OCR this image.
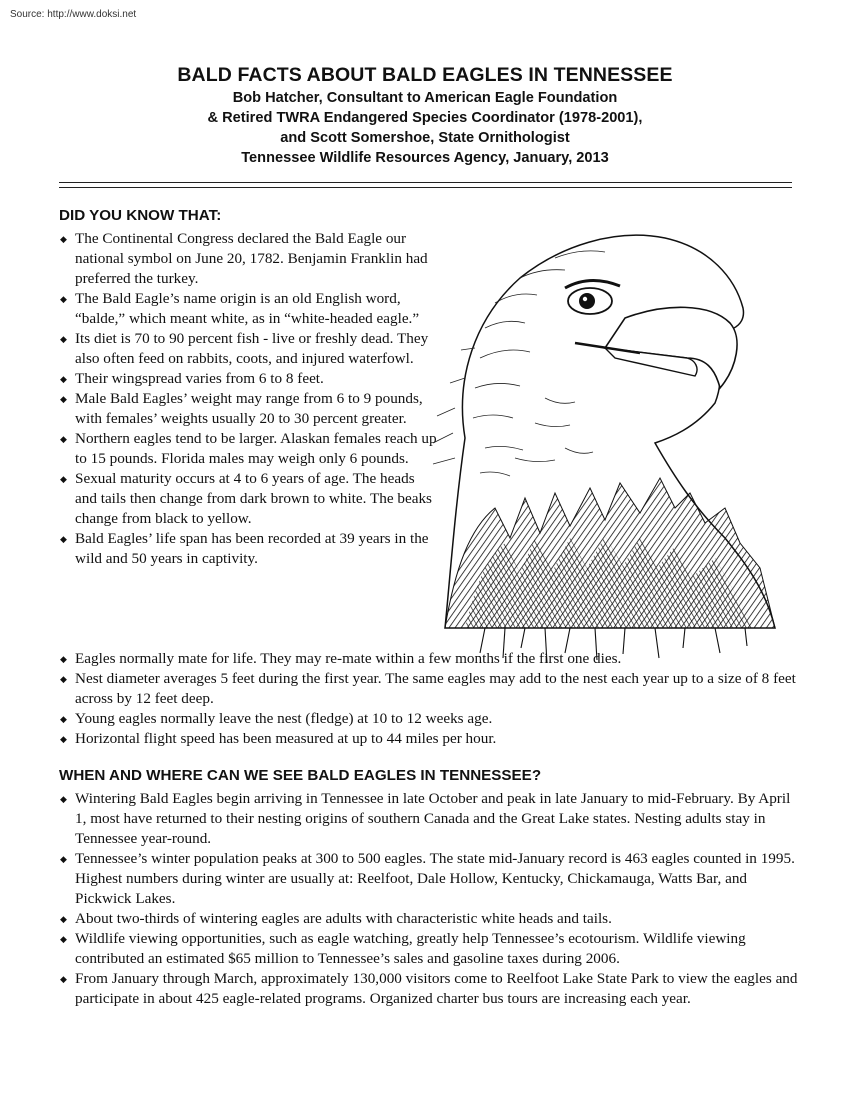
Source: http://www.doksi.net
BALD FACTS ABOUT BALD EAGLES IN TENNESSEE
Bob Hatcher, Consultant to American Eagle Foundation
& Retired TWRA Endangered Species Coordinator (1978-2001),
and Scott Somershoe, State Ornithologist
Tennessee Wildlife Resources Agency, January, 2013
DID YOU KNOW THAT:
◆ The Continental Congress declared the Bald Eagle our national symbol on June 20, 1782. Benjamin Franklin had preferred the turkey.
◆ The Bald Eagle’s name origin is an old English word, “balde,” which meant white, as in “white-headed eagle.”
◆ Its diet is 70 to 90 percent fish - live or freshly dead. They also often feed on rabbits, coots, and injured waterfowl.
◆ Their wingspread varies from 6 to 8 feet.
◆ Male Bald Eagles’ weight may range from 6 to 9 pounds, with females’ weights usually 20 to 30 percent greater.
◆ Northern eagles tend to be larger. Alaskan females reach up to 15 pounds. Florida males may weigh only 6 pounds.
◆ Sexual maturity occurs at 4 to 6 years of age. The heads and tails then change from dark brown to white. The beaks change from black to yellow.
◆ Bald Eagles’ life span has been recorded at 39 years in the wild and 50 years in captivity.
◆ Eagles normally mate for life. They may re-mate within a few months if the first one dies.
◆ Nest diameter averages 5 feet during the first year. The same eagles may add to the nest each year up to a size of 8 feet across by 12 feet deep.
◆ Young eagles normally leave the nest (fledge) at 10 to 12 weeks age.
◆ Horizontal flight speed has been measured at up to 44 miles per hour.
WHEN AND WHERE CAN WE SEE BALD EAGLES IN TENNESSEE?
◆ Wintering Bald Eagles begin arriving in Tennessee in late October and peak in late January to mid-February. By April 1, most have returned to their nesting origins of southern Canada and the Great Lake states. Nesting adults stay in Tennessee year-round.
◆ Tennessee’s winter population peaks at 300 to 500 eagles. The state mid-January record is 463 eagles counted in 1995. Highest numbers during winter are usually at: Reelfoot, Dale Hollow, Kentucky, Chickamauga, Watts Bar, and Pickwick Lakes.
◆ About two-thirds of wintering eagles are adults with characteristic white heads and tails.
◆ Wildlife viewing opportunities, such as eagle watching, greatly help Tennessee’s ecotourism. Wildlife viewing contributed an estimated $65 million to Tennessee’s sales and gasoline taxes during 2006.
◆ From January through March, approximately 130,000 visitors come to Reelfoot Lake State Park to view the eagles and participate in about 425 eagle-related programs. Organized charter bus tours are increasing each year.
